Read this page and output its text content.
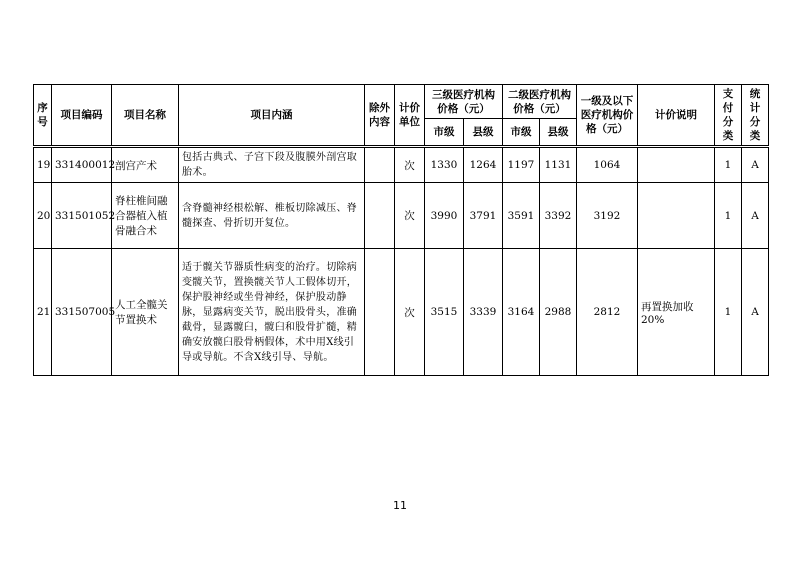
序号	项目编码	项目名称	项目内涵	除外内容	计价单位	三级医疗机构价格（元）		二级医疗机构价格（元）		一级及以下医疗机构价格（元）	计价说明	支付分类	统计分类
						市级	县级	市级	县级				
19	331400012	剖宫产术	包括古典式、子宫下段及腹膜外剖宫取胎术。		次	1330	1264	1197	1131	1064		1	A
20	331501052	脊柱椎间融合器植入植骨融合术	含脊髓神经根松解、椎板切除减压、脊髓探查、骨折切开复位。		次	3990	3791	3591	3392	3192		1	A
21	331507005	人工全髋关节置换术	适于髋关节器质性病变的治疗。切除病变髋关节，置换髋关节人工假体切开，保护股神经或坐骨神经，保护股动静脉，显露病变关节，脱出股骨头，准确截骨，显露髋臼，髋臼和股骨扩髓，精确安放髋臼股骨柄假体，术中用X线引导或导航。不含X线引导、导航。		次	3515	3339	3164	2988	2812	再置换加收20%	1	A
11
